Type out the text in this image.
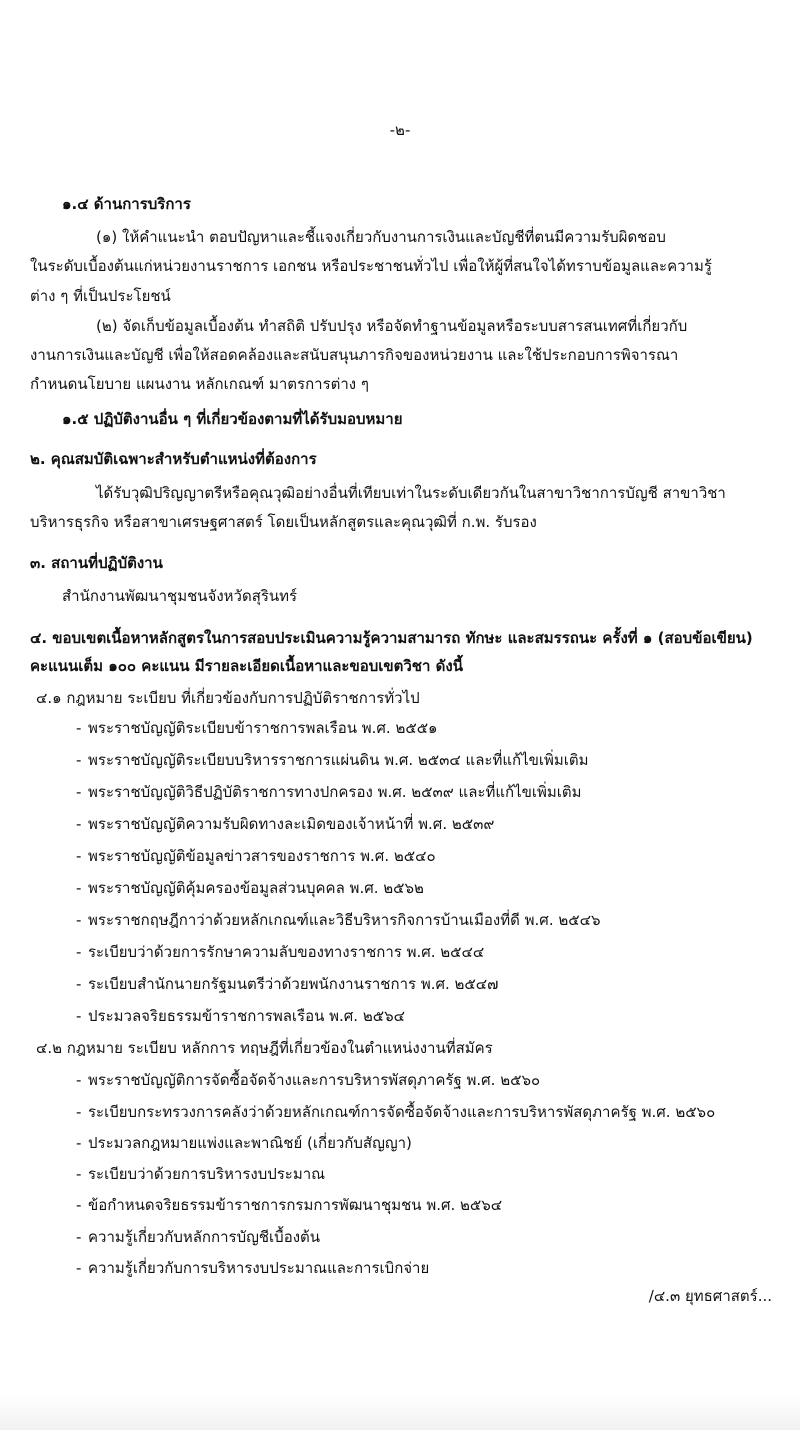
-๒-
๑.๔ ด้านการบริการ
(๑) ให้คำแนะนำ ตอบปัญหาและชี้แจงเกี่ยวกับงานการเงินและบัญชีที่ตนมีความรับผิดชอบ
ในระดับเบื้องต้นแก่หน่วยงานราชการ เอกชน หรือประชาชนทั่วไป เพื่อให้ผู้ที่สนใจได้ทราบข้อมูลและความรู้
ต่าง ๆ ที่เป็นประโยชน์
(๒) จัดเก็บข้อมูลเบื้องต้น ทำสถิติ ปรับปรุง หรือจัดทำฐานข้อมูลหรือระบบสารสนเทศที่เกี่ยวกับ
งานการเงินและบัญชี เพื่อให้สอดคล้องและสนับสนุนภารกิจของหน่วยงาน และใช้ประกอบการพิจารณา
กำหนดนโยบาย แผนงาน หลักเกณฑ์ มาตรการต่าง ๆ
๑.๕ ปฏิบัติงานอื่น ๆ ที่เกี่ยวข้องตามที่ได้รับมอบหมาย
๒. คุณสมบัติเฉพาะสำหรับตำแหน่งที่ต้องการ
ได้รับวุฒิปริญญาตรีหรือคุณวุฒิอย่างอื่นที่เทียบเท่าในระดับเดียวกันในสาขาวิชาการบัญชี สาขาวิชา
บริหารธุรกิจ หรือสาขาเศรษฐศาสตร์ โดยเป็นหลักสูตรและคุณวุฒิที่ ก.พ. รับรอง
๓. สถานที่ปฏิบัติงาน
สำนักงานพัฒนาชุมชนจังหวัดสุรินทร์
๔. ขอบเขตเนื้อหาหลักสูตรในการสอบประเมินความรู้ความสามารถ ทักษะ และสมรรถนะ ครั้งที่ ๑ (สอบข้อเขียน)
คะแนนเต็ม ๑๐๐ คะแนน มีรายละเอียดเนื้อหาและขอบเขตวิชา ดังนี้
๔.๑ กฎหมาย ระเบียบ ที่เกี่ยวข้องกับการปฏิบัติราชการทั่วไป
- พระราชบัญญัติระเบียบข้าราชการพลเรือน พ.ศ. ๒๕๕๑
- พระราชบัญญัติระเบียบบริหารราชการแผ่นดิน พ.ศ. ๒๕๓๔ และที่แก้ไขเพิ่มเติม
- พระราชบัญญัติวิธีปฏิบัติราชการทางปกครอง พ.ศ. ๒๕๓๙ และที่แก้ไขเพิ่มเติม
- พระราชบัญญัติความรับผิดทางละเมิดของเจ้าหน้าที่ พ.ศ. ๒๕๓๙
- พระราชบัญญัติข้อมูลข่าวสารของราชการ พ.ศ. ๒๕๔๐
- พระราชบัญญัติคุ้มครองข้อมูลส่วนบุคคล พ.ศ. ๒๕๖๒
- พระราชกฤษฎีกาว่าด้วยหลักเกณฑ์และวิธีบริหารกิจการบ้านเมืองที่ดี พ.ศ. ๒๕๔๖
- ระเบียบว่าด้วยการรักษาความลับของทางราชการ พ.ศ. ๒๕๔๔
- ระเบียบสำนักนายกรัฐมนตรีว่าด้วยพนักงานราชการ พ.ศ. ๒๕๔๗
- ประมวลจริยธรรมข้าราชการพลเรือน พ.ศ. ๒๕๖๔
๔.๒ กฎหมาย ระเบียบ หลักการ ทฤษฎีที่เกี่ยวข้องในตำแหน่งงานที่สมัคร
- พระราชบัญญัติการจัดซื้อจัดจ้างและการบริหารพัสดุภาครัฐ พ.ศ. ๒๕๖๐
- ระเบียบกระทรวงการคลังว่าด้วยหลักเกณฑ์การจัดซื้อจัดจ้างและการบริหารพัสดุภาครัฐ พ.ศ. ๒๕๖๐
- ประมวลกฎหมายแพ่งและพาณิชย์ (เกี่ยวกับสัญญา)
- ระเบียบว่าด้วยการบริหารงบประมาณ
- ข้อกำหนดจริยธรรมข้าราชการกรมการพัฒนาชุมชน พ.ศ. ๒๕๖๔
- ความรู้เกี่ยวกับหลักการบัญชีเบื้องต้น
- ความรู้เกี่ยวกับการบริหารงบประมาณและการเบิกจ่าย
/๔.๓ ยุทธศาสตร์...
